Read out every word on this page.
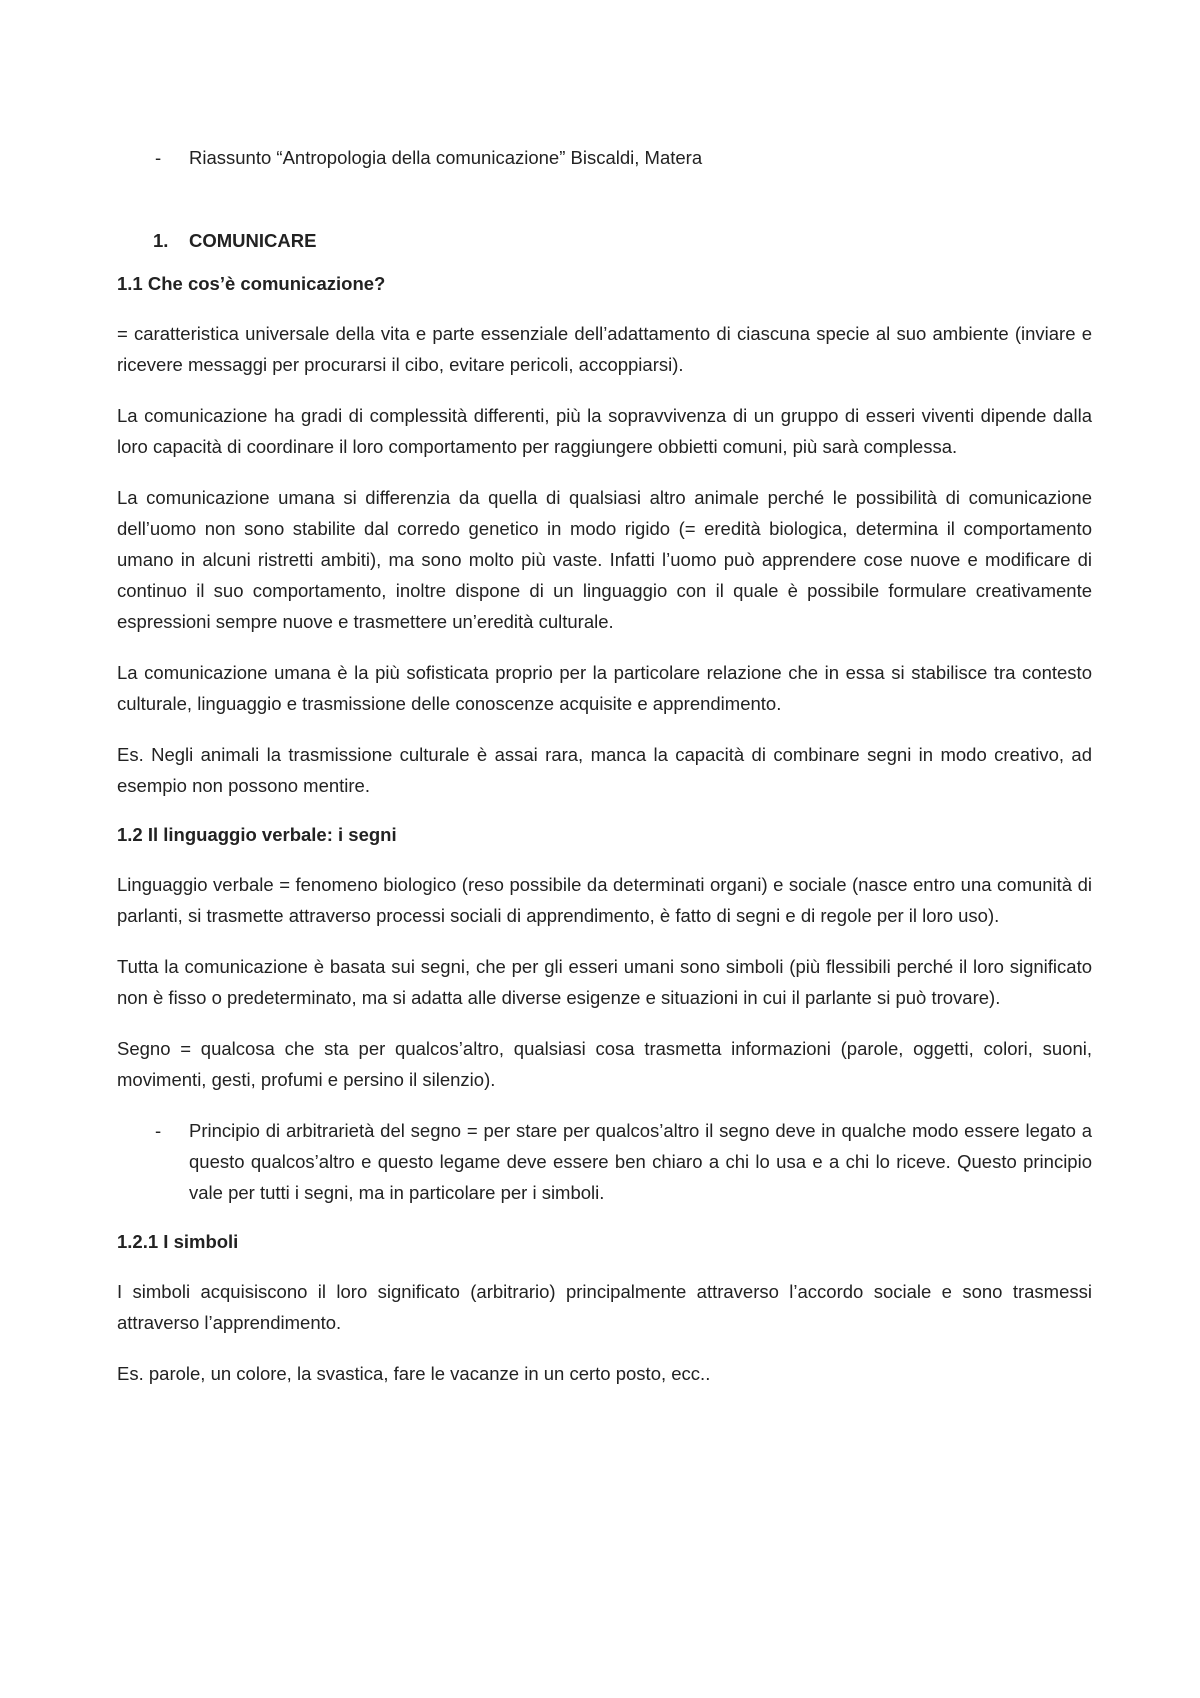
-	Riassunto “Antropologia della comunicazione” Biscaldi, Matera
1.	COMUNICARE

1.1 Che cos’è comunicazione?

= caratteristica universale della vita e parte essenziale dell’adattamento di ciascuna specie al suo ambiente (inviare e ricevere messaggi per procurarsi il cibo, evitare pericoli, accoppiarsi).

La comunicazione ha gradi di complessità differenti, più la sopravvivenza di un gruppo di esseri viventi dipende dalla loro capacità di coordinare il loro comportamento per raggiungere obbietti comuni, più sarà complessa.

La comunicazione umana si differenzia da quella di qualsiasi altro animale perché le possibilità di comunicazione dell’uomo non sono stabilite dal corredo genetico in modo rigido (= eredità biologica, determina il comportamento umano in alcuni ristretti ambiti), ma sono molto più vaste. Infatti l’uomo può apprendere cose nuove e modificare di continuo il suo comportamento, inoltre dispone di un linguaggio con il quale è possibile formulare creativamente espressioni sempre nuove e trasmettere un’eredità culturale.

La comunicazione umana è la più sofisticata proprio per la particolare relazione che in essa si stabilisce tra contesto culturale, linguaggio e trasmissione delle conoscenze acquisite e apprendimento.

Es. Negli animali la trasmissione culturale è assai rara, manca la capacità di combinare segni in modo creativo, ad esempio non possono mentire.

1.2 Il linguaggio verbale: i segni

Linguaggio verbale = fenomeno biologico (reso possibile da determinati organi) e sociale (nasce entro una comunità di parlanti, si trasmette attraverso processi sociali di apprendimento, è fatto di segni e di regole per il loro uso).

Tutta la comunicazione è basata sui segni, che per gli esseri umani sono simboli (più flessibili perché il loro significato non è fisso o predeterminato, ma si adatta alle diverse esigenze e situazioni in cui il parlante si può trovare).

Segno = qualcosa che sta per qualcos’altro, qualsiasi cosa trasmetta informazioni (parole, oggetti, colori, suoni, movimenti, gesti, profumi e persino il silenzio).

-	Principio di arbitrarietà del segno = per stare per qualcos’altro il segno deve in qualche modo essere legato a questo qualcos’altro e questo legame deve essere ben chiaro a chi lo usa e a chi lo riceve. Questo principio vale per tutti i segni, ma in particolare per i simboli.

1.2.1 I simboli

I simboli acquisiscono il loro significato (arbitrario) principalmente attraverso l’accordo sociale e sono trasmessi attraverso l’apprendimento.

Es. parole, un colore, la svastica, fare le vacanze in un certo posto, ecc..
